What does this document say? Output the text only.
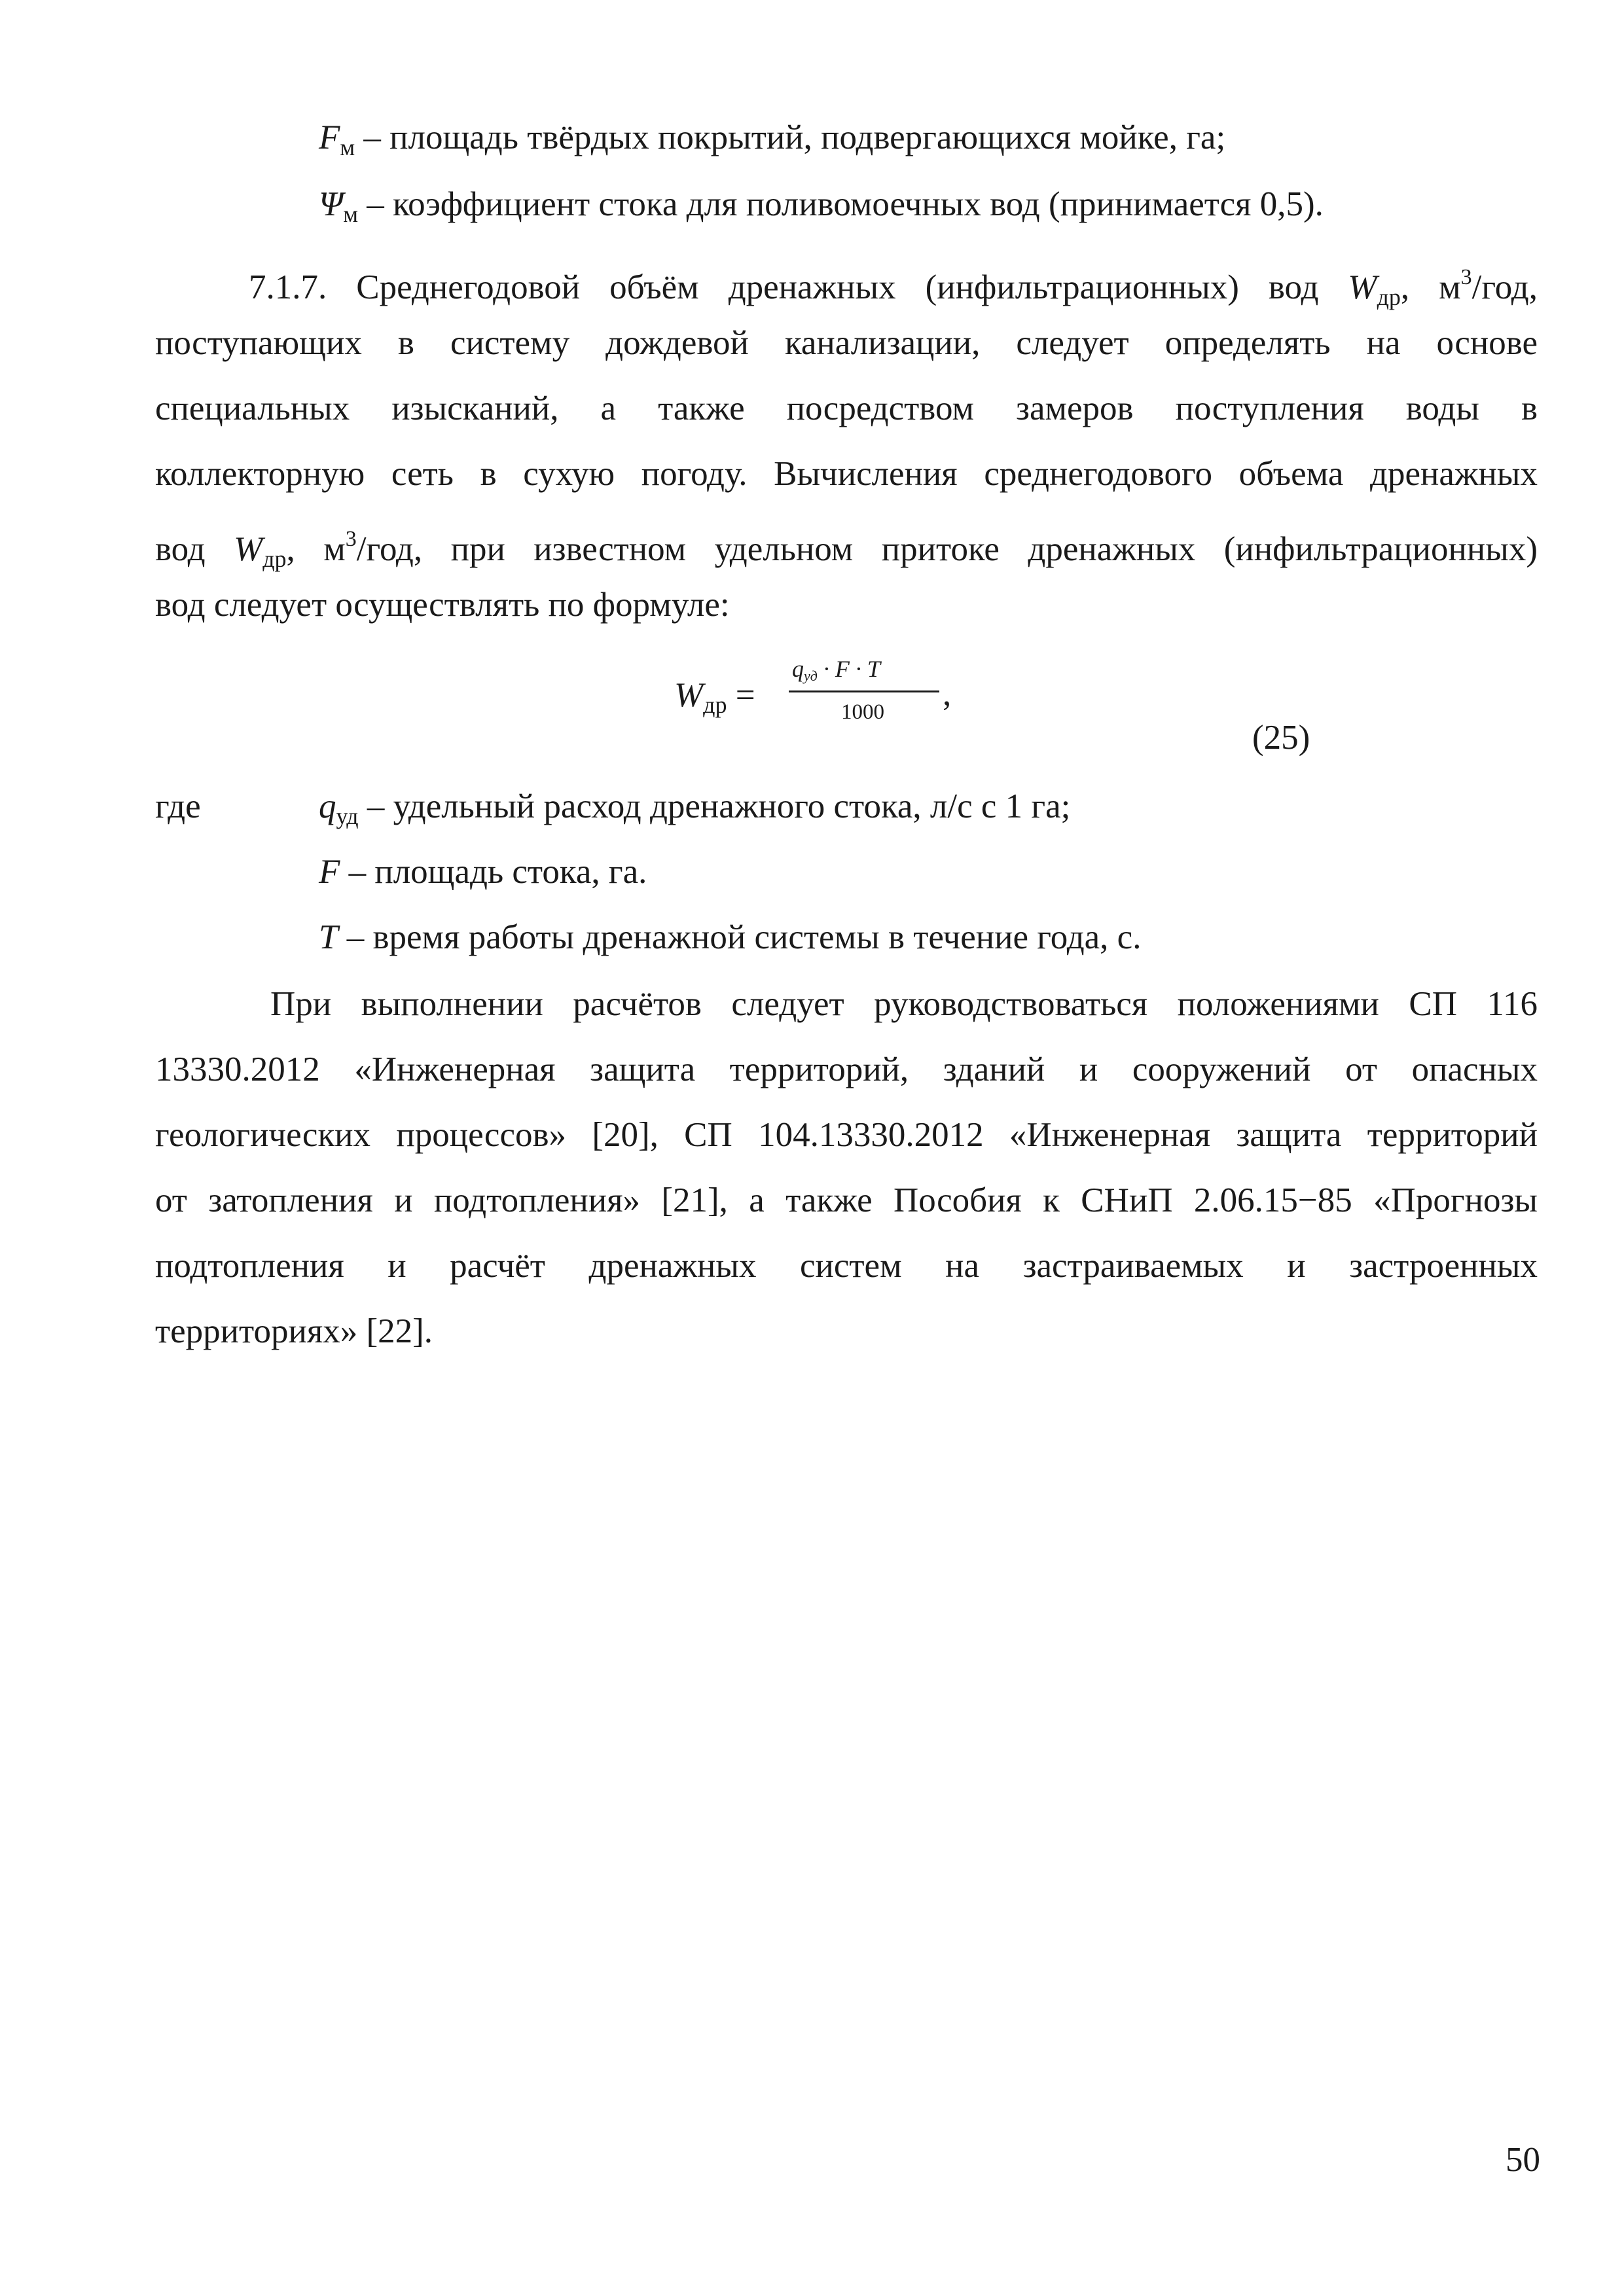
$F_м$ – площадь твёрдых покрытий, подвергающихся мойке, га;
$\Psi_м$ – коэффициент стока для поливомоечных вод (принимается 0,5).
7.1.7. Среднегодовой объём дренажных (инфильтрационных) вод $W_{др}$, $м^3$/год,
поступающих в систему дождевой канализации, следует определять на основе
специальных изысканий, а также посредством замеров поступления воды в
коллекторную сеть в сухую погоду. Вычисления среднегодового объема дренажных
вод $W_{др}$, $м^3$/год, при известном удельном притоке дренажных (инфильтрационных)
вод следует осуществлять по формуле:
$W_{др}$ =
qуд · F · T
1000 ,
(25)
где	$q_{уд}$ – удельный расход дренажного стока, л/с с 1 га;
F – площадь стока, га.
T – время работы дренажной системы в течение года, с.
При выполнении расчётов следует руководствоваться положениями СП 116
13330.2012 «Инженерная защита территорий, зданий и сооружений от опасных
геологических процессов» [20], СП 104.13330.2012 «Инженерная защита территорий
от затопления и подтопления» [21], а также Пособия к СНиП 2.06.15−85 «Прогнозы
подтопления и расчёт дренажных систем на застраиваемых и застроенных
территориях» [22].
50
